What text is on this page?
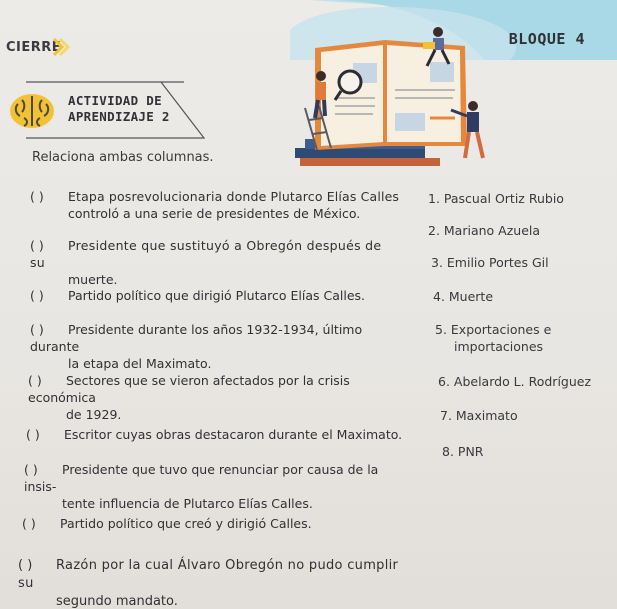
BLOQUE 4
CIERRE
ACTIVIDAD DE
APRENDIZAJE 2
Relaciona ambas columnas.
( ) Etapa posrevolucionaria donde Plutarco Elías Calles
controló a una serie de presidentes de México.
( ) Presidente que sustituyó a Obregón después de su
muerte.
( ) Partido político que dirigió Plutarco Elías Calles.
( ) Presidente durante los años 1932-1934, último durante
la etapa del Maximato.
( ) Sectores que se vieron afectados por la crisis económica
de 1929.
( ) Escritor cuyas obras destacaron durante el Maximato.
( ) Presidente que tuvo que renunciar por causa de la insis-
tente influencia de Plutarco Elías Calles.
( ) Partido político que creó y dirigió Calles.
( ) Razón por la cual Álvaro Obregón no pudo cumplir su
segundo mandato.
1. Pascual Ortiz Rubio
2. Mariano Azuela
3. Emilio Portes Gil
4. Muerte
5. Exportaciones e
importaciones
6. Abelardo L. Rodríguez
7. Maximato
8. PNR
